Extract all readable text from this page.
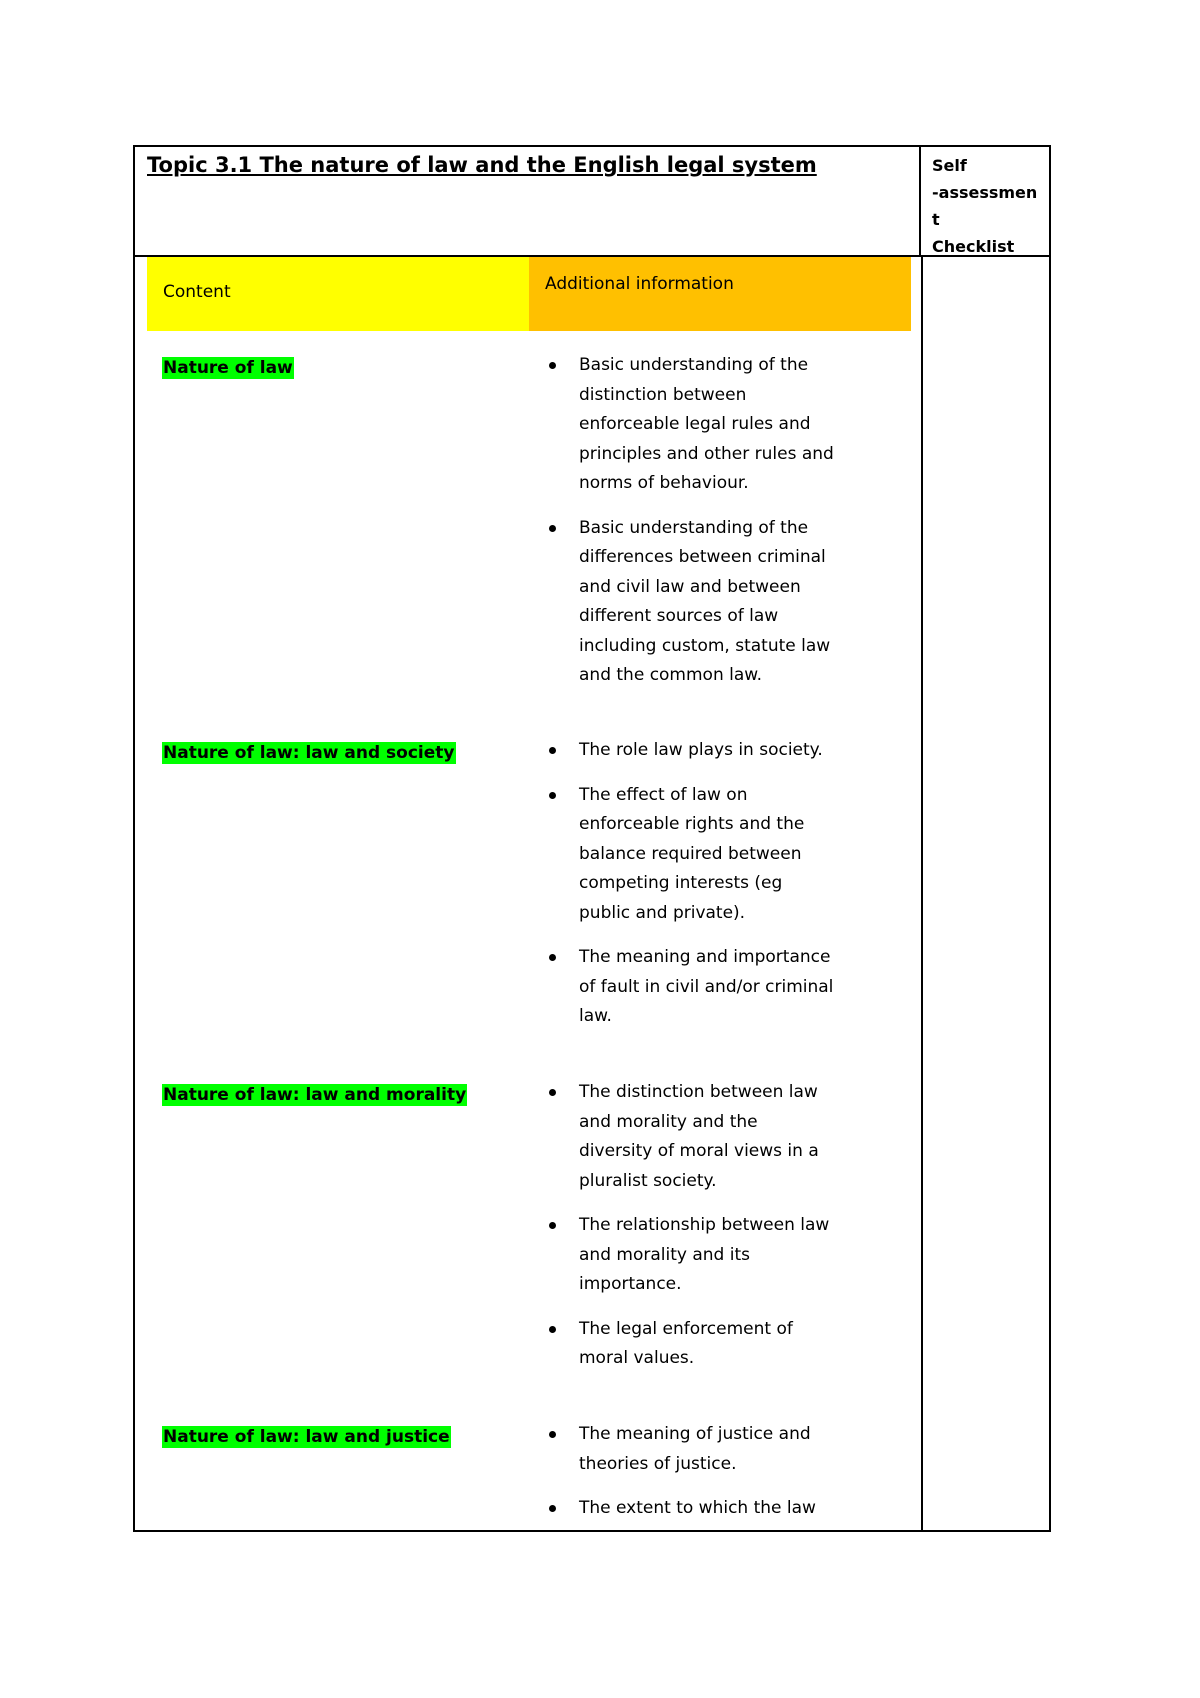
Topic 3.1 The nature of law and the English legal system	Self
-assessmen
t
Checklist
Content	Additional information
Nature of law	Basic understanding of the distinction between enforceable legal rules and principles and other rules and norms of behaviour.
Basic understanding of the differences between criminal and civil law and between different sources of law including custom, statute law and the common law.
Nature of law: law and society	The role law plays in society.
The effect of law on enforceable rights and the balance required between competing interests (eg public and private).
The meaning and importance of fault in civil and/or criminal law.
Nature of law: law and morality	The distinction between law and morality and the diversity of moral views in a pluralist society.
The relationship between law and morality and its importance.
The legal enforcement of moral values.
Nature of law: law and justice	The meaning of justice and theories of justice.
The extent to which the law
